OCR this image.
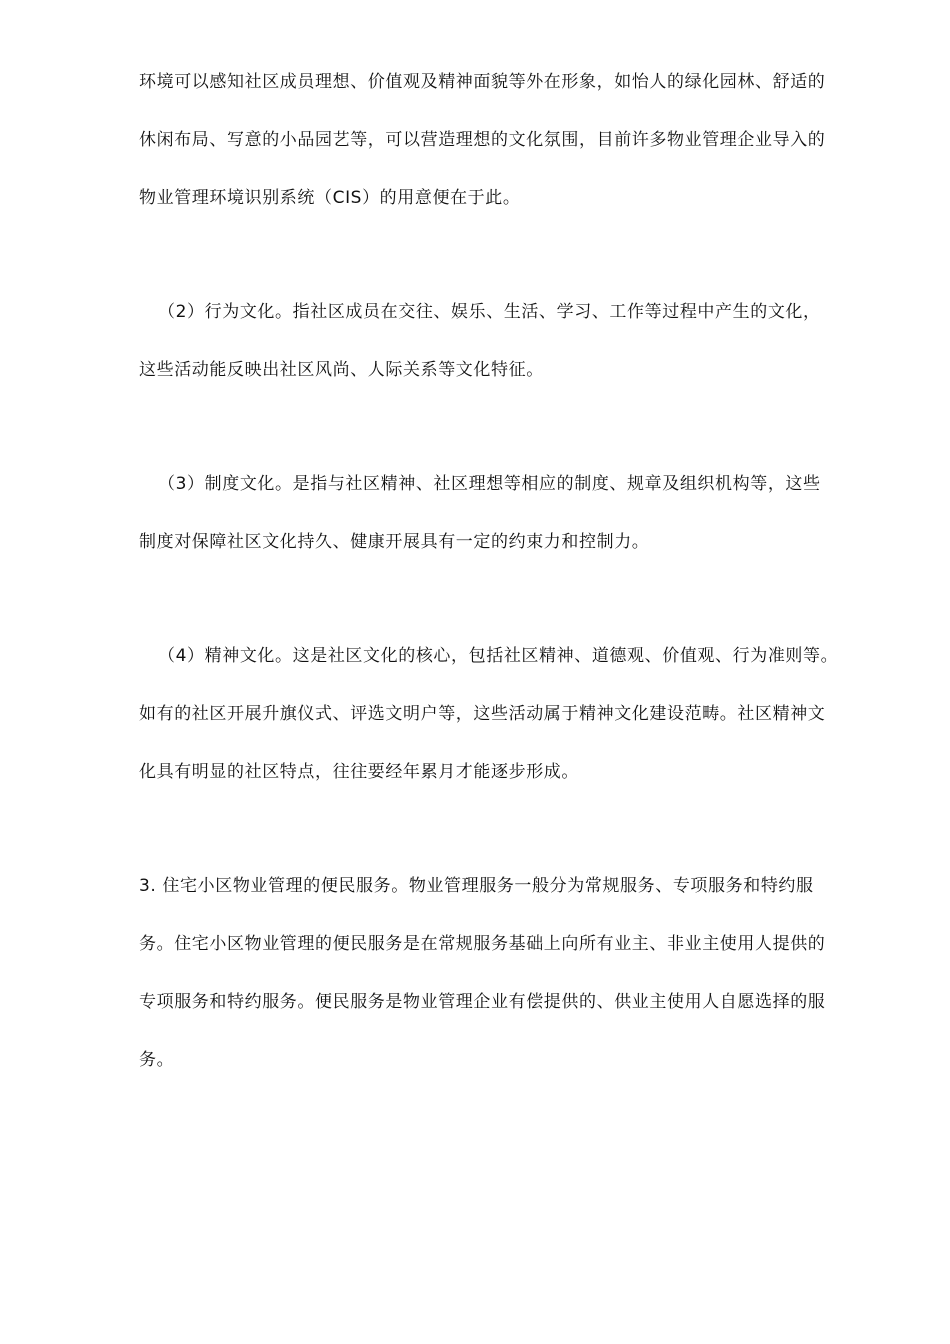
环境可以感知社区成员理想、价值观及精神面貌等外在形象，如怡人的绿化园林、舒适的
休闲布局、写意的小品园艺等，可以营造理想的文化氛围，目前许多物业管理企业导入的
物业管理环境识别系统（CIS）的用意便在于此。
（2）行为文化。指社区成员在交往、娱乐、生活、学习、工作等过程中产生的文化，
这些活动能反映出社区风尚、人际关系等文化特征。
（3）制度文化。是指与社区精神、社区理想等相应的制度、规章及组织机构等，这些
制度对保障社区文化持久、健康开展具有一定的约束力和控制力。
（4）精神文化。这是社区文化的核心，包括社区精神、道德观、价值观、行为准则等。
如有的社区开展升旗仪式、评选文明户等，这些活动属于精神文化建设范畴。社区精神文
化具有明显的社区特点，往往要经年累月才能逐步形成。
3. 住宅小区物业管理的便民服务。物业管理服务一般分为常规服务、专项服务和特约服
务。住宅小区物业管理的便民服务是在常规服务基础上向所有业主、非业主使用人提供的
专项服务和特约服务。便民服务是物业管理企业有偿提供的、供业主使用人自愿选择的服
务。
